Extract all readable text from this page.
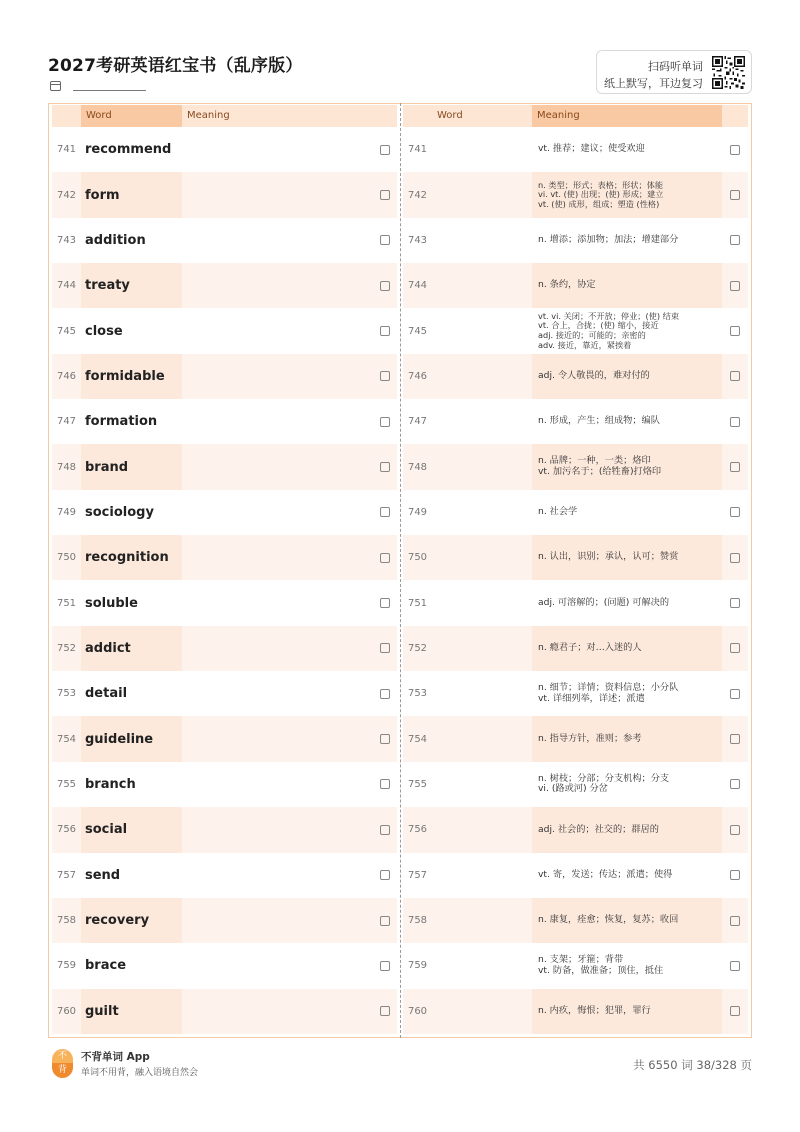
2027考研英语红宝书（乱序版）	扫码听单词
纸上默写，耳边复习
Word	Meaning
741 recommend
742 form
743 addition
744 treaty
745 close
746 formidable
747 formation
748 brand
749 sociology
750 recognition
751 soluble
752 addict
753 detail
754 guideline
755 branch
756 social
757 send
758 recovery
759 brace
760 guilt
Word	Meaning
741	vt. 推荐；建议；使受欢迎
742
n. 类型；形式；表格；形状；体能
vi. vt. (使) 出现；(使) 形成；建立
vt. (使) 成形，组成；塑造 (性格)
743	n. 增添；添加物；加法；增建部分
744	n. 条约，协定
745
vt. vi. 关闭；不开放；停业；(使) 结束
vt. 合上，合拢；(使) 缩小，接近
adj. 接近的；可能的；亲密的
adv. 接近，靠近，紧挨着
746	adj. 令人敬畏的，难对付的
747	n. 形成，产生；组成物；编队
748
n. 品牌；一种，一类；烙印
vt. 加污名于；(给牲畜)打烙印
749	n. 社会学
750	n. 认出，识别；承认，认可；赞赏
751	adj. 可溶解的；(问题) 可解决的
752	n. 瘾君子；对…入迷的人
753
n. 细节；详情；资料信息；小分队
vt. 详细列举，详述；派遣
754	n. 指导方针，准则；参考
755
n. 树枝；分部；分支机构；分支
vi. (路或河) 分岔
756	adj. 社会的；社交的；群居的
757	vt. 寄，发送；传达；派遣；使得
758	n. 康复，痊愈；恢复，复苏；收回
759
n. 支架；牙箍；背带
vt. 防备，做准备；顶住，抵住
760	n. 内疚，悔恨；犯罪，罪行
不
背
不背单词 App
单词不用背，融入语境自然会
共 6550 词 38/328 页
